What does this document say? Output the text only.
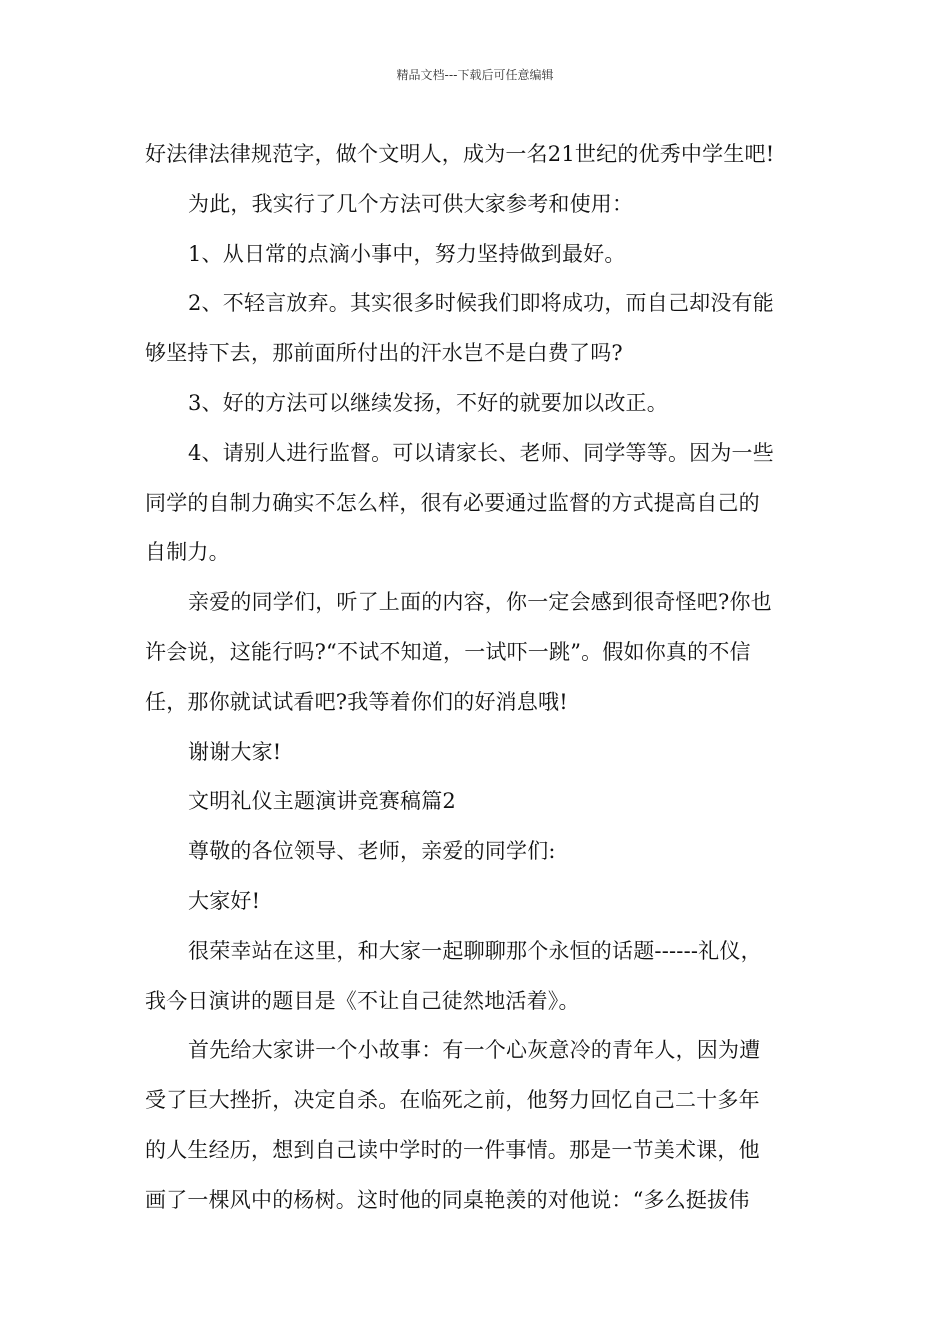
精品文档---下载后可任意编辑
好法律法律规范字，做个文明人，成为一名21世纪的优秀中学生吧!
为此，我实行了几个方法可供大家参考和使用：
1、从日常的点滴小事中，努力坚持做到最好。
2、不轻言放弃。其实很多时候我们即将成功，而自己却没有能
够坚持下去，那前面所付出的汗水岂不是白费了吗?
3、好的方法可以继续发扬，不好的就要加以改正。
4、请别人进行监督。可以请家长、老师、同学等等。因为一些
同学的自制力确实不怎么样，很有必要通过监督的方式提高自己的
自制力。
亲爱的同学们，听了上面的内容，你一定会感到很奇怪吧?你也
许会说，这能行吗?“不试不知道，一试吓一跳”。假如你真的不信
任，那你就试试看吧?我等着你们的好消息哦!
谢谢大家!
文明礼仪主题演讲竞赛稿篇2
尊敬的各位领导、老师，亲爱的同学们:
大家好!
很荣幸站在这里，和大家一起聊聊那个永恒的话题------礼仪，
我今日演讲的题目是《不让自己徒然地活着》。
首先给大家讲一个小故事：有一个心灰意冷的青年人，因为遭
受了巨大挫折，决定自杀。在临死之前，他努力回忆自己二十多年
的人生经历，想到自己读中学时的一件事情。那是一节美术课，他
画了一棵风中的杨树。这时他的同桌艳羡的对他说：“多么挺拔伟
